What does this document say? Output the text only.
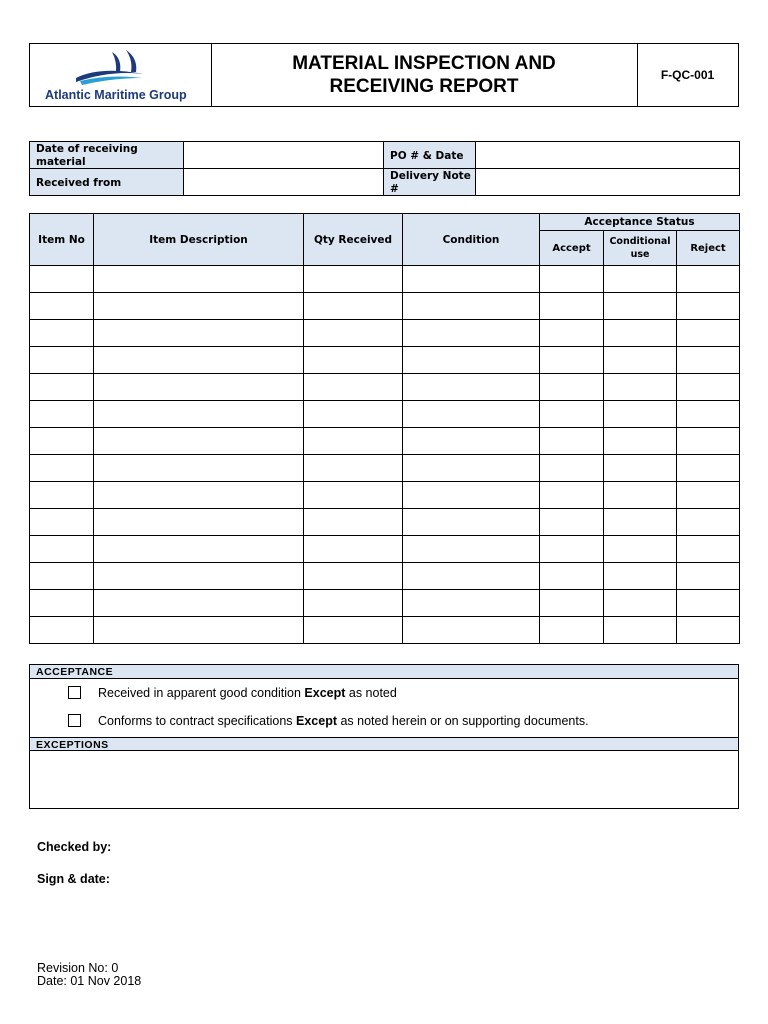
Atlantic Maritime Group
MATERIAL INSPECTION AND
RECEIVING REPORT
F-QC-001
Date of receiving material		PO # & Date	
Received from		Delivery Note #	
Item No	Item Description	Qty Received	Condition	Acceptance Status		
				Accept	Conditional use	Reject

ACCEPTANCE
Received in apparent good condition Except as noted
Conforms to contract specifications Except as noted herein or on supporting documents.
EXCEPTIONS
Checked by:
Sign & date:
Revision No: 0
Date: 01 Nov 2018
